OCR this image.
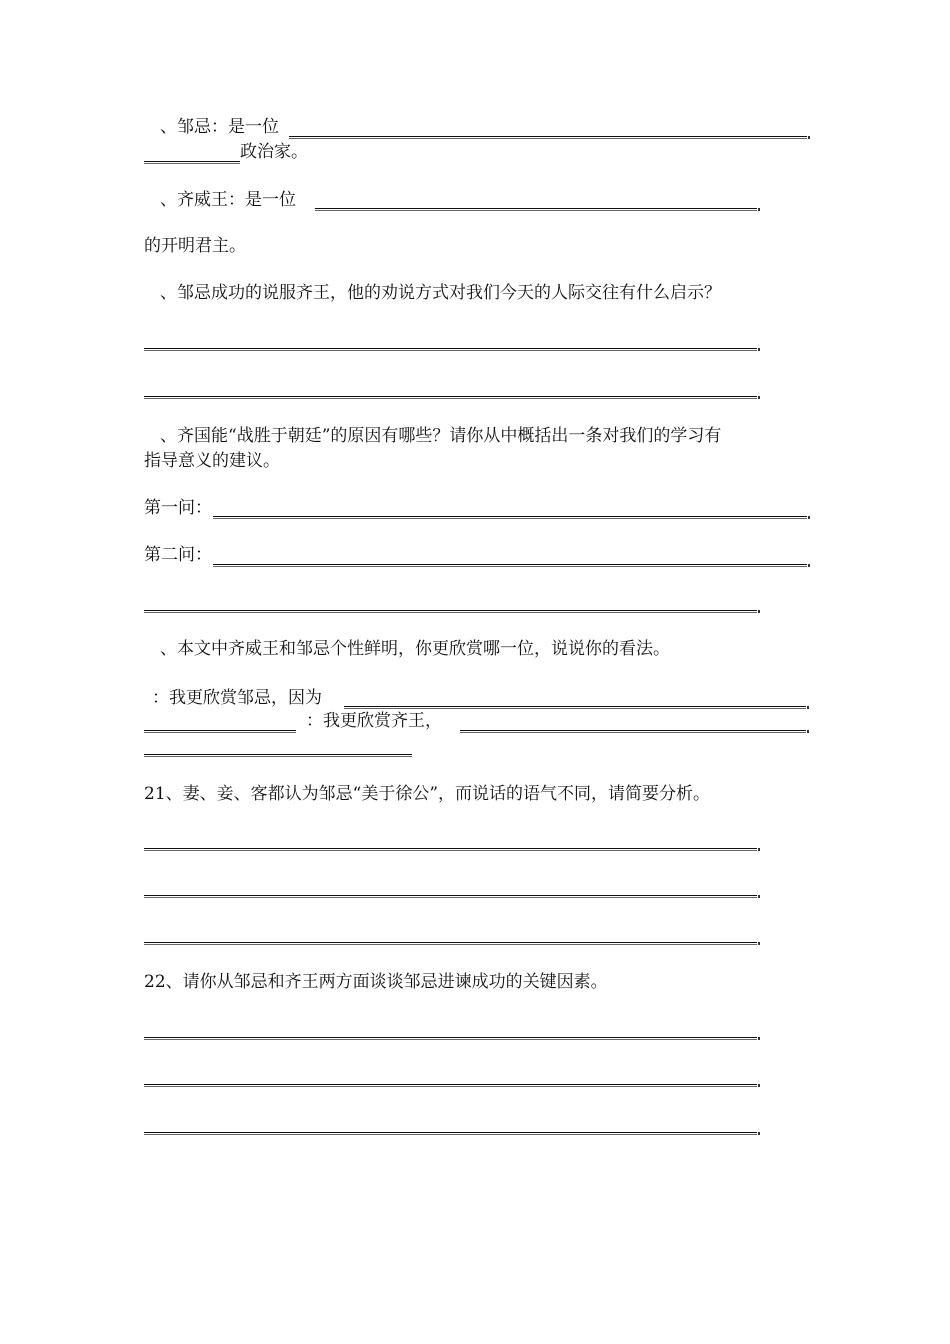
、邹忌：是一位
政治家。
、齐威王：是一位
的开明君主。
、邹忌成功的说服齐王，他的劝说方式对我们今天的人际交往有什么启示？
、齐国能“战胜于朝廷”的原因有哪些？请你从中概括出一条对我们的学习有
指导意义的建议。
第一问：
第二问：
、本文中齐威王和邹忌个性鲜明，你更欣赏哪一位，说说你的看法。
：我更欣赏邹忌，因为
：我更欣赏齐王，
21、妻、妾、客都认为邹忌“美于徐公”，而说话的语气不同，请简要分析。
22、请你从邹忌和齐王两方面谈谈邹忌进谏成功的关键因素。
